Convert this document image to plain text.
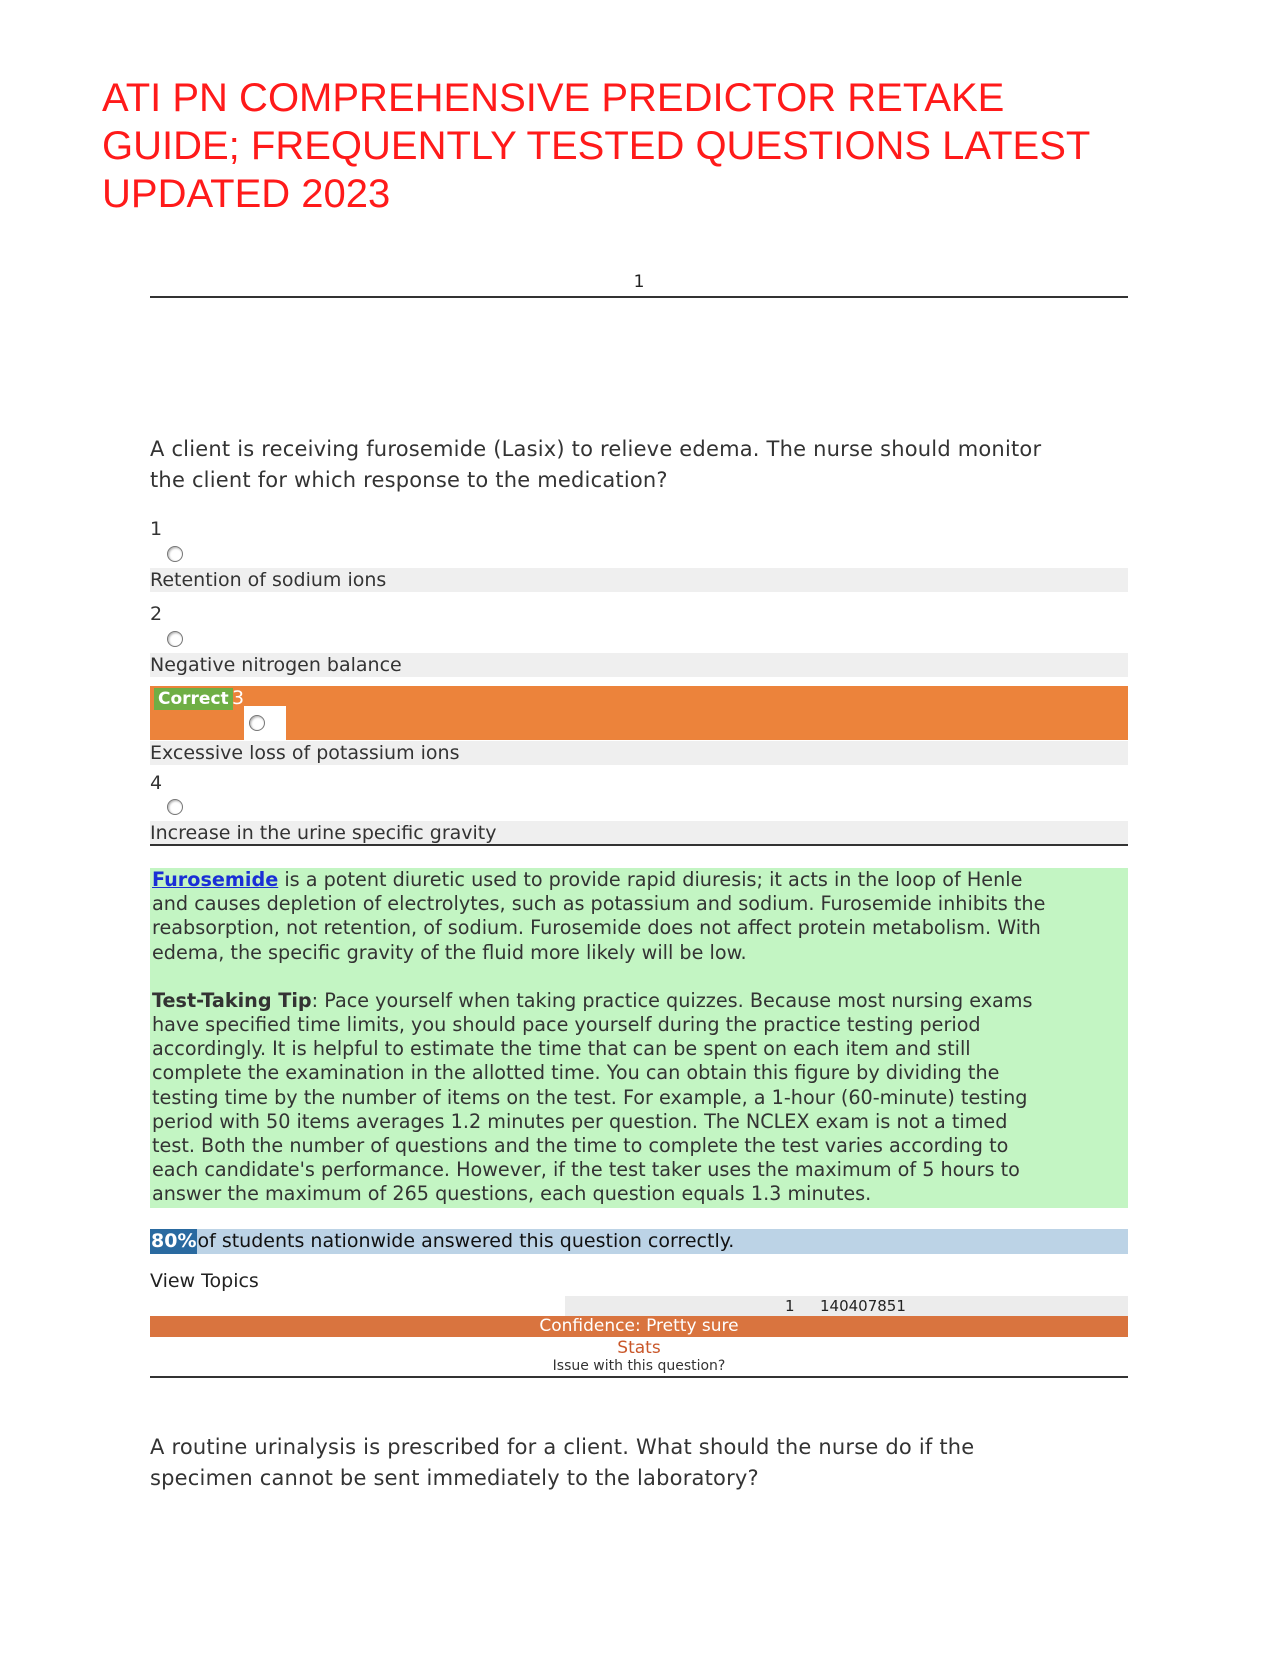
ATI PN COMPREHENSIVE PREDICTOR RETAKE
GUIDE; FREQUENTLY TESTED QUESTIONS LATEST
UPDATED 2023
1
A client is receiving furosemide (Lasix) to relieve edema. The nurse should monitor
the client for which response to the medication?
1
Retention of sodium ions
2
Negative nitrogen balance
Correct 3
Excessive loss of potassium ions
4
Increase in the urine specific gravity

Furosemide is a potent diuretic used to provide rapid diuresis; it acts in the loop of Henle
and causes depletion of electrolytes, such as potassium and sodium. Furosemide inhibits the
reabsorption, not retention, of sodium. Furosemide does not affect protein metabolism. With
edema, the specific gravity of the fluid more likely will be low.

Test-Taking Tip: Pace yourself when taking practice quizzes. Because most nursing exams
have specified time limits, you should pace yourself during the practice testing period
accordingly. It is helpful to estimate the time that can be spent on each item and still
complete the examination in the allotted time. You can obtain this figure by dividing the
testing time by the number of items on the test. For example, a 1-hour (60-minute) testing
period with 50 items averages 1.2 minutes per question. The NCLEX exam is not a timed
test. Both the number of questions and the time to complete the test varies according to
each candidate's performance. However, if the test taker uses the maximum of 5 hours to
answer the maximum of 265 questions, each question equals 1.3 minutes.

80%of students nationwide answered this question correctly.
View Topics
1 140407851
Confidence: Pretty sure
Stats
Issue with this question?
A routine urinalysis is prescribed for a client. What should the nurse do if the
specimen cannot be sent immediately to the laboratory?
